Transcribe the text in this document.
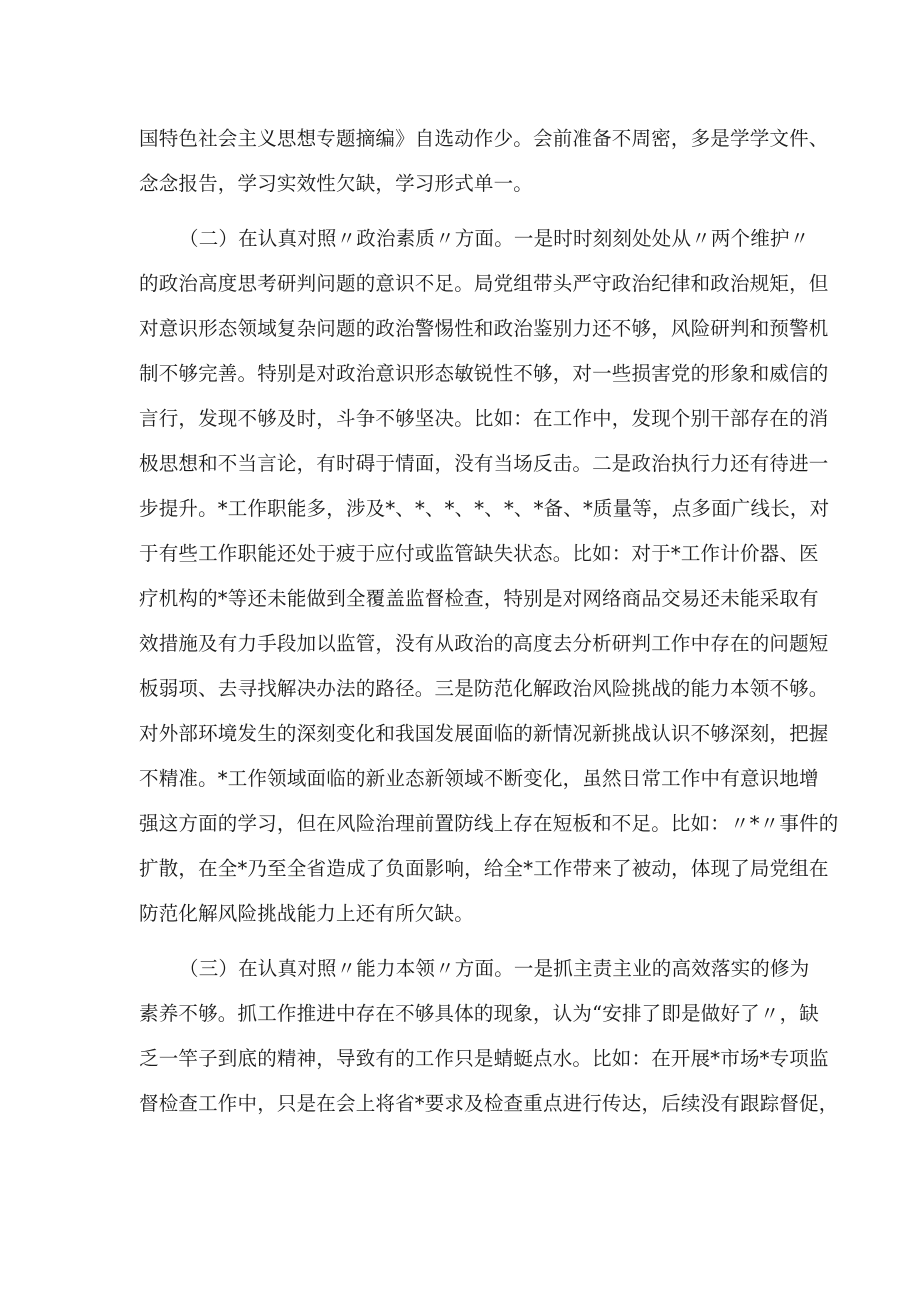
国特色社会主义思想专题摘编》自选动作少。会前准备不周密，多是学学文件、
念念报告，学习实效性欠缺，学习形式单一。
（二）在认真对照〃政治素质〃方面。一是时时刻刻处处从〃两个维护〃
的政治高度思考研判问题的意识不足。局党组带头严守政治纪律和政治规矩，但
对意识形态领域复杂问题的政治警惕性和政治鉴别力还不够，风险研判和预警机
制不够完善。特别是对政治意识形态敏锐性不够，对一些损害党的形象和威信的
言行，发现不够及时，斗争不够坚决。比如：在工作中，发现个别干部存在的消
极思想和不当言论，有时碍于情面，没有当场反击。二是政治执行力还有待进一
步提升。*工作职能多，涉及*、*、*、*、*、*备、*质量等，点多面广线长，对
于有些工作职能还处于疲于应付或监管缺失状态。比如：对于*工作计价器、医
疗机构的*等还未能做到全覆盖监督检查，特别是对网络商品交易还未能采取有
效措施及有力手段加以监管，没有从政治的高度去分析研判工作中存在的问题短
板弱项、去寻找解决办法的路径。三是防范化解政治风险挑战的能力本领不够。
对外部环境发生的深刻变化和我国发展面临的新情况新挑战认识不够深刻，把握
不精准。*工作领域面临的新业态新领域不断变化，虽然日常工作中有意识地增
强这方面的学习，但在风险治理前置防线上存在短板和不足。比如：〃*〃事件的
扩散，在全*乃至全省造成了负面影响，给全*工作带来了被动，体现了局党组在
防范化解风险挑战能力上还有所欠缺。
（三）在认真对照〃能力本领〃方面。一是抓主责主业的高效落实的修为
素养不够。抓工作推进中存在不够具体的现象，认为“安排了即是做好了〃，缺
乏一竿子到底的精神，导致有的工作只是蜻蜓点水。比如：在开展*市场*专项监
督检查工作中，只是在会上将省*要求及检查重点进行传达，后续没有跟踪督促，
